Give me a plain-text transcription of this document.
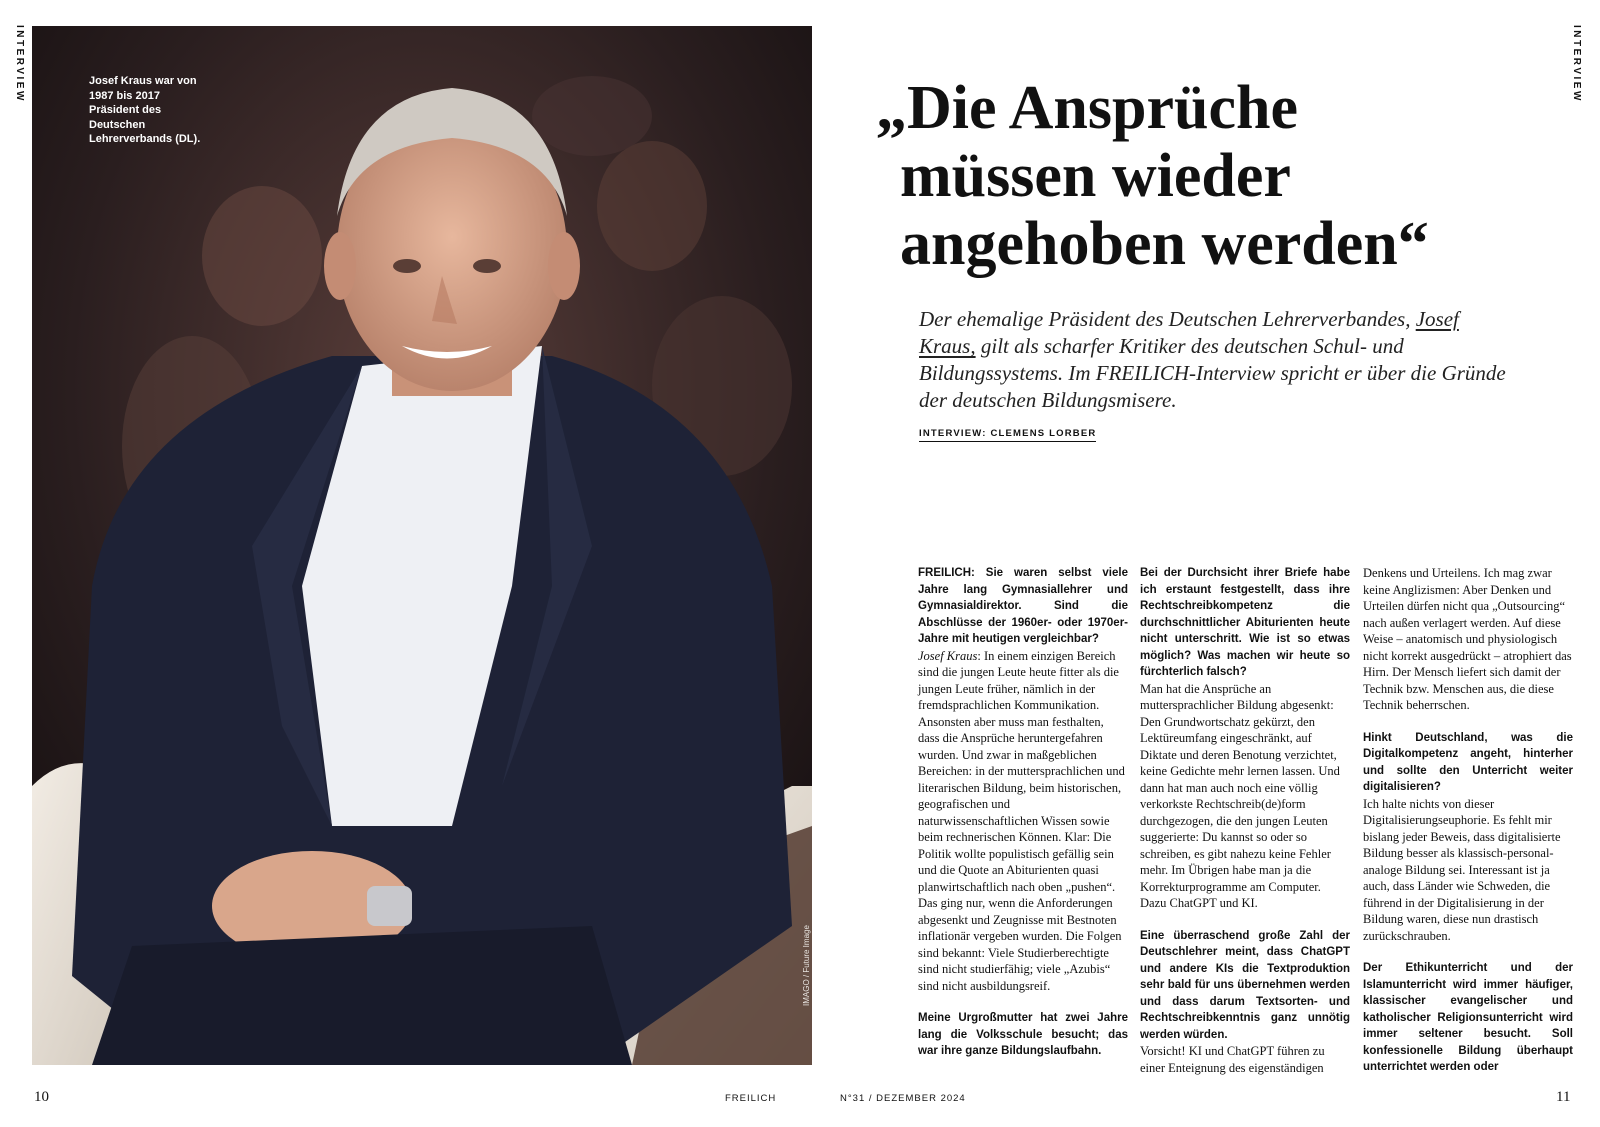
INTERVIEW	INTERVIEW
Josef Kraus war von 1987 bis 2017 Präsident des Deutschen Lehrerverbands (DL).
IMAGO / Future Image
„Die Ansprüche
müssen wieder
angehoben werden“
Der ehemalige Präsident des Deutschen Lehrerverbandes, Josef Kraus, gilt als scharfer Kritiker des deutschen Schul- und Bildungssystems. Im FREILICH-Interview spricht er über die Gründe der deutschen Bildungsmisere.
INTERVIEW: CLEMENS LORBER
FREILICH: Sie waren selbst viele Jahre lang Gymnasiallehrer und Gymnasialdirektor. Sind die Abschlüsse der 1960er- oder 1970er-Jahre mit heutigen vergleichbar?
Josef Kraus: In einem einzigen Bereich sind die jungen Leute heute fitter als die jungen Leute früher, nämlich in der fremdsprachlichen Kommunikation. Ansonsten aber muss man festhalten, dass die Ansprüche heruntergefahren wurden. Und zwar in maßgeblichen Bereichen: in der muttersprachlichen und literarischen Bildung, beim historischen, geografischen und naturwissenschaftlichen Wissen sowie beim rechnerischen Können. Klar: Die Politik wollte populistisch gefällig sein und die Quote an Abiturienten quasi planwirtschaftlich nach oben „pushen“. Das ging nur, wenn die Anforderungen abgesenkt und Zeugnisse mit Bestnoten inflationär vergeben wurden. Die Folgen sind bekannt: Viele Studierberechtigte sind nicht studierfähig; viele „Azubis“ sind nicht ausbildungsreif.
Meine Urgroßmutter hat zwei Jahre lang die Volksschule besucht; das war ihre ganze Bildungslaufbahn.
Bei der Durchsicht ihrer Briefe habe ich erstaunt festgestellt, dass ihre Rechtschreibkompetenz die durchschnittlicher Abiturienten heute nicht unterschritt. Wie ist so etwas möglich? Was machen wir heute so fürchterlich falsch?
Man hat die Ansprüche an muttersprachlicher Bildung abgesenkt: Den Grundwortschatz gekürzt, den Lektüreumfang eingeschränkt, auf Diktate und deren Benotung verzichtet, keine Gedichte mehr lernen lassen. Und dann hat man auch noch eine völlig verkorkste Rechtschreib(de)form durchgezogen, die den jungen Leuten suggerierte: Du kannst so oder so schreiben, es gibt nahezu keine Fehler mehr. Im Übrigen habe man ja die Korrekturprogramme am Computer. Dazu ChatGPT und KI.
Eine überraschend große Zahl der Deutschlehrer meint, dass ChatGPT und andere KIs die Textproduktion sehr bald für uns übernehmen werden und dass darum Textsorten- und Rechtschreibkenntnis ganz unnötig werden würden.
Vorsicht! KI und ChatGPT führen zu einer Enteignung des eigenständigen
Denkens und Urteilens. Ich mag zwar keine Anglizismen: Aber Denken und Urteilen dürfen nicht qua „Outsourcing“ nach außen verlagert werden. Auf diese Weise – anatomisch und physiologisch nicht korrekt ausgedrückt – atrophiert das Hirn. Der Mensch liefert sich damit der Technik bzw. Menschen aus, die diese Technik beherrschen.
Hinkt Deutschland, was die Digitalkompetenz angeht, hinterher und sollte den Unterricht weiter digitalisieren?
Ich halte nichts von dieser Digitalisierungseuphorie. Es fehlt mir bislang jeder Beweis, dass digitalisierte Bildung besser als klassisch-personal-analoge Bildung sei. Interessant ist ja auch, dass Länder wie Schweden, die führend in der Digitalisierung in der Bildung waren, diese nun drastisch zurückschrauben.
Der Ethikunterricht und der Islamunterricht wird immer häufiger, klassischer evangelischer und katholischer Religionsunterricht wird immer seltener besucht. Soll konfessionelle Bildung überhaupt unterrichtet werden oder
10	FREILICH	N°31 / DEZEMBER 2024	11
